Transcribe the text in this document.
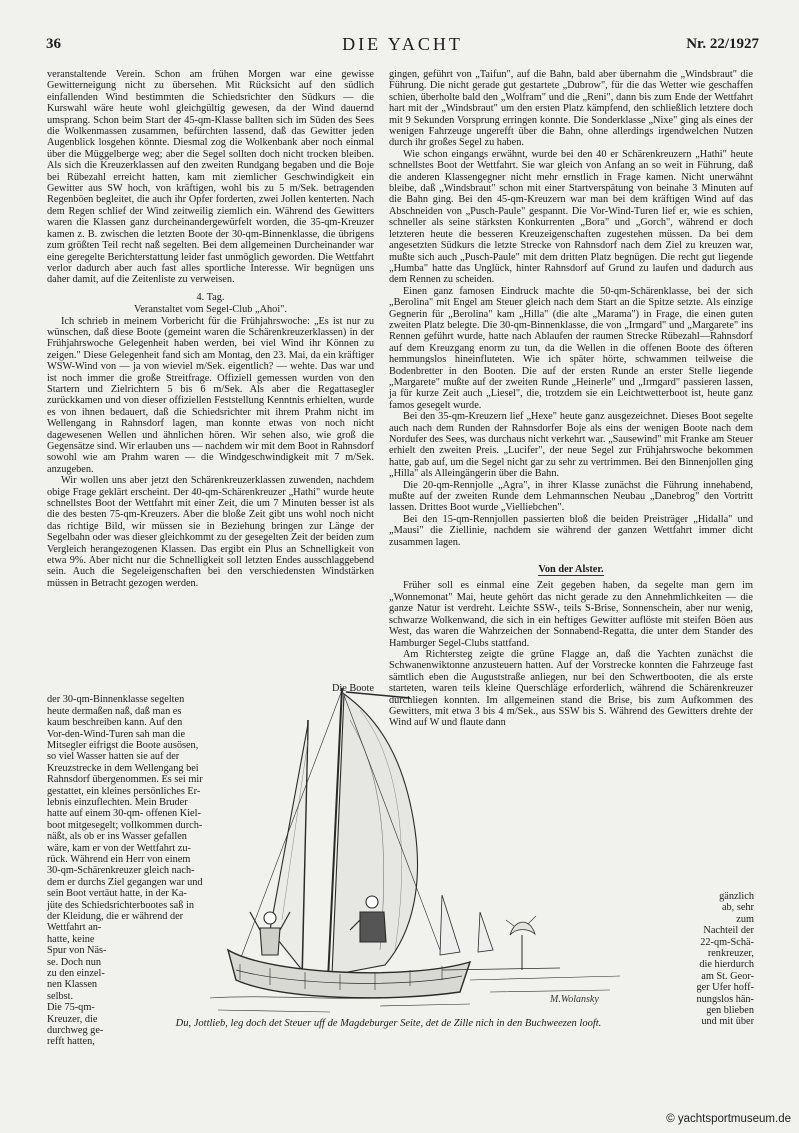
36	DIE YACHT	Nr. 22/1927

veranstaltende Verein. Schon am frühen Morgen war eine gewisse Gewitterneigung nicht zu übersehen. Mit Rücksicht auf den südlich einfallenden Wind bestimmten die Schiedsrichter den Südkurs — die Kurswahl wäre heute wohl gleichgültig gewesen, da der Wind dauernd umsprang. Schon beim Start der 45-qm-Klasse ballten sich im Süden des Sees die Wolkenmassen zusammen, befürchten lassend, daß das Gewitter jeden Augenblick losgehen könnte. Diesmal zog die Wolkenbank aber noch einmal über die Müggelberge weg; aber die Segel sollten doch nicht trocken bleiben. Als sich die Kreuzerklassen auf den zweiten Rundgang begaben und die Boje bei Rübezahl erreicht hatten, kam mit ziemlicher Geschwindigkeit ein Gewitter aus SW hoch, von kräftigen, wohl bis zu 5 m/Sek. betragenden Regenböen begleitet, die auch ihr Opfer forderten, zwei Jollen kenterten. Nach dem Regen schlief der Wind zeitweilig ziemlich ein. Während des Gewitters waren die Klassen ganz durcheinandergewürfelt worden, die 35-qm-Kreuzer kamen z. B. zwischen die letzten Boote der 30-qm-Binnenklasse, die übrigens zum größten Teil recht naß segelten. Bei dem allgemeinen Durcheinander war eine geregelte Berichterstattung leider fast unmöglich geworden. Die Wettfahrt verlor dadurch aber auch fast alles sportliche Interesse. Wir begnügen uns daher damit, auf die Zeitenliste zu verweisen.

4. Tag.

Veranstaltet vom Segel-Club „Ahoi".

Ich schrieb in meinem Vorbericht für die Frühjahrswoche: „Es ist nur zu wünschen, daß diese Boote (gemeint waren die Schärenkreuzerklassen) in der Frühjahrswoche Gelegenheit haben werden, bei viel Wind ihr Können zu zeigen." Diese Gelegenheit fand sich am Montag, den 23. Mai, da ein kräftiger WSW-Wind von — ja von wieviel m/Sek. eigentlich? — wehte. Das war und ist noch immer die große Streitfrage. Offiziell gemessen wurden von den Startern und Zielrichtern 5 bis 6 m/Sek. Als aber die Regattasegler zurückkamen und von dieser offiziellen Feststellung Kenntnis erhielten, wurde es von ihnen bedauert, daß die Schiedsrichter mit ihrem Prahm nicht im Wellengang in Rahnsdorf lagen, man konnte etwas von noch nicht dagewesenen Wellen und ähnlichen hören. Wir sehen also, wie groß die Gegensätze sind. Wir erlauben uns — nachdem wir mit dem Boot in Rahnsdorf sowohl wie am Prahm waren — die Windgeschwindigkeit mit 7 m/Sek. anzugeben.

Wir wollen uns aber jetzt den Schärenkreuzerklassen zuwenden, nachdem obige Frage geklärt erscheint. Der 40-qm-Schärenkreuzer „Hathi" wurde heute schnellstes Boot der Wettfahrt mit einer Zeit, die um 7 Minuten besser ist als die des besten 75-qm-Kreuzers. Aber die bloße Zeit gibt uns wohl noch nicht das richtige Bild, wir müssen sie in Beziehung bringen zur Länge der Segelbahn oder was dieser gleichkommt zu der gesegelten Zeit der beiden zum Vergleich herangezogenen Klassen. Das ergibt ein Plus an Schnelligkeit von etwa 9%. Aber nicht nur die Schnelligkeit soll letzten Endes ausschlaggebend sein. Auch die Segeleigenschaften bei den verschiedensten Windstärken müssen in Betracht gezogen werden.

Die Boote
der 30-qm-Binnenklasse segelten
heute dermaßen naß, daß man es
kaum beschreiben kann. Auf den
Vor-den-Wind-Turen sah man die
Mitsegler eifrigst die Boote ausösen,
so viel Wasser hatten sie auf der
Kreuzstrecke in dem Wellengang bei
Rahnsdorf übergenommen. Es sei mir
gestattet, ein kleines persönliches Er-
lebnis einzuflechten. Mein Bruder
hatte auf einem 30-qm- offenen Kiel-
boot mitgesegelt; vollkommen durch-
näßt, als ob er ins Wasser gefallen
wäre, kam er von der Wettfahrt zu-
rück. Während ein Herr von einem
30-qm-Schärenkreuzer gleich nach-
dem er durchs Ziel gegangen war und
sein Boot vertäut hatte, in der Ka-
jüte des Schiedsrichterbootes saß in
der Kleidung, die er während der
Wettfahrt an-
hatte, keine
Spur von Näs-
se. Doch nun
zu den einzel-
nen Klassen
selbst.
Die 75-qm-
Kreuzer, die
durchweg ge-
refft hatten,

gingen, geführt von „Taifun", auf die Bahn, bald aber übernahm die „Windsbraut" die Führung. Die nicht gerade gut gestartete „Dubrow", für die das Wetter wie geschaffen schien, überholte bald den „Wolfram" und die „Reni", dann bis zum Ende der Wettfahrt hart mit der „Windsbraut" um den ersten Platz kämpfend, den schließlich letztere doch mit 9 Sekunden Vorsprung erringen konnte. Die Sonderklasse „Nixe" ging als eines der wenigen Fahrzeuge ungerefft über die Bahn, ohne allerdings irgendwelchen Nutzen durch ihr großes Segel zu haben.

Wie schon eingangs erwähnt, wurde bei den 40 er Schärenkreuzern „Hathi" heute schnellstes Boot der Wettfahrt. Sie war gleich von Anfang an so weit in Führung, daß die anderen Klassengegner nicht mehr ernstlich in Frage kamen. Nicht unerwähnt bleibe, daß „Windsbraut" schon mit einer Startverspätung von beinahe 3 Minuten auf die Bahn ging. Bei den 45-qm-Kreuzern war man bei dem kräftigen Wind auf das Abschneiden von „Pusch-Paule" gespannt. Die Vor-Wind-Turen lief er, wie es schien, schneller als seine stärksten Konkurrenten „Bora" und „Gorch", während er doch letzteren heute die besseren Kreuzeigenschaften zugestehen müssen. Da bei dem angesetzten Südkurs die letzte Strecke von Rahnsdorf nach dem Ziel zu kreuzen war, mußte sich auch „Pusch-Paule" mit dem dritten Platz begnügen. Die recht gut liegende „Humba" hatte das Unglück, hinter Rahnsdorf auf Grund zu laufen und dadurch aus dem Rennen zu scheiden.

Einen ganz famosen Eindruck machte die 50-qm-Schärenklasse, bei der sich „Berolina" mit Engel am Steuer gleich nach dem Start an die Spitze setzte. Als einzige Gegnerin für „Berolina" kam „Hilla" (die alte „Marama") in Frage, die einen guten zweiten Platz belegte. Die 30-qm-Binnenklasse, die von „Irmgard" und „Margarete" ins Rennen geführt wurde, hatte nach Ablaufen der raumen Strecke Rübezahl—Rahnsdorf auf dem Kreuzgang enorm zu tun, da die Wellen in die offenen Boote des öfteren hemmungslos hineinfluteten. Wie ich später hörte, schwammen teilweise die Bodenbretter in den Booten. Die auf der ersten Runde an erster Stelle liegende „Margarete" mußte auf der zweiten Runde „Heinerle" und „Irmgard" passieren lassen, ja für kurze Zeit auch „Liesel", die, trotzdem sie ein Leichtwetterboot ist, heute ganz famos gesegelt wurde.

Bei den 35-qm-Kreuzern lief „Hexe" heute ganz ausgezeichnet. Dieses Boot segelte auch nach dem Runden der Rahnsdorfer Boje als eins der wenigen Boote nach dem Nordufer des Sees, was durchaus nicht verkehrt war. „Sausewind" mit Franke am Steuer erhielt den zweiten Preis. „Lucifer", der neue Segel zur Frühjahrswoche bekommen hatte, gab auf, um die Segel nicht gar zu sehr zu vertrimmen. Bei den Binnenjollen ging „Hilla" als Alleingängerin über die Bahn.

Die 20-qm-Rennjolle „Agra", in ihrer Klasse zunächst die Führung innehabend, mußte auf der zweiten Runde dem Lehmannschen Neubau „Danebrog" den Vortritt lassen. Drittes Boot wurde „Vielliebchen".

Bei den 15-qm-Rennjollen passierten bloß die beiden Preisträger „Hidalla" und „Mausi" die Ziellinie, nachdem sie während der ganzen Wettfahrt immer dicht zusammen lagen.

Von der Alster.

Früher soll es einmal eine Zeit gegeben haben, da segelte man gern im „Wonnemonat" Mai, heute gehört das nicht gerade zu den Annehmlichkeiten — die ganze Natur ist verdreht. Leichte SSW-, teils S-Brise, Sonnenschein, aber nur wenig, schwarze Wolkenwand, die sich in ein heftiges Gewitter auflöste mit steifen Böen aus West, das waren die Wahrzeichen der Sonnabend-Regatta, die unter dem Stander des Hamburger Segel-Clubs stattfand.

Am Richtersteg zeigte die grüne Flagge an, daß die Yachten zunächst die Schwanenwiktonne anzusteuern hatten. Auf der Vorstrecke konnten die Fahrzeuge fast sämtlich eben die Auguststraße anliegen, nur bei den Schwertbooten, die als erste starteten, waren teils kleine Querschläge erforderlich, während die Schärenkreuzer durchliegen konnten. Im allgemeinen stand die Brise, bis zum Aufkommen des Gewitters, mit etwa 3 bis 4 m/Sek., aus SSW bis S. Während des Gewitters drehte der Wind auf W und flaute dann

gänzlich
ab, sehr
zum
Nachteil der
22-qm-Schä-
renkreuzer,
die hierdurch
am St. Geor-
ger Ufer hoff-
nungslos hän-
gen blieben
und mit über
M.Wolansky
Du, Jottlieb, leg doch det Steuer uff de Magdeburger Seite, det de Zille nich in den Buchweezen looft.
© yachtsportmuseum.de
